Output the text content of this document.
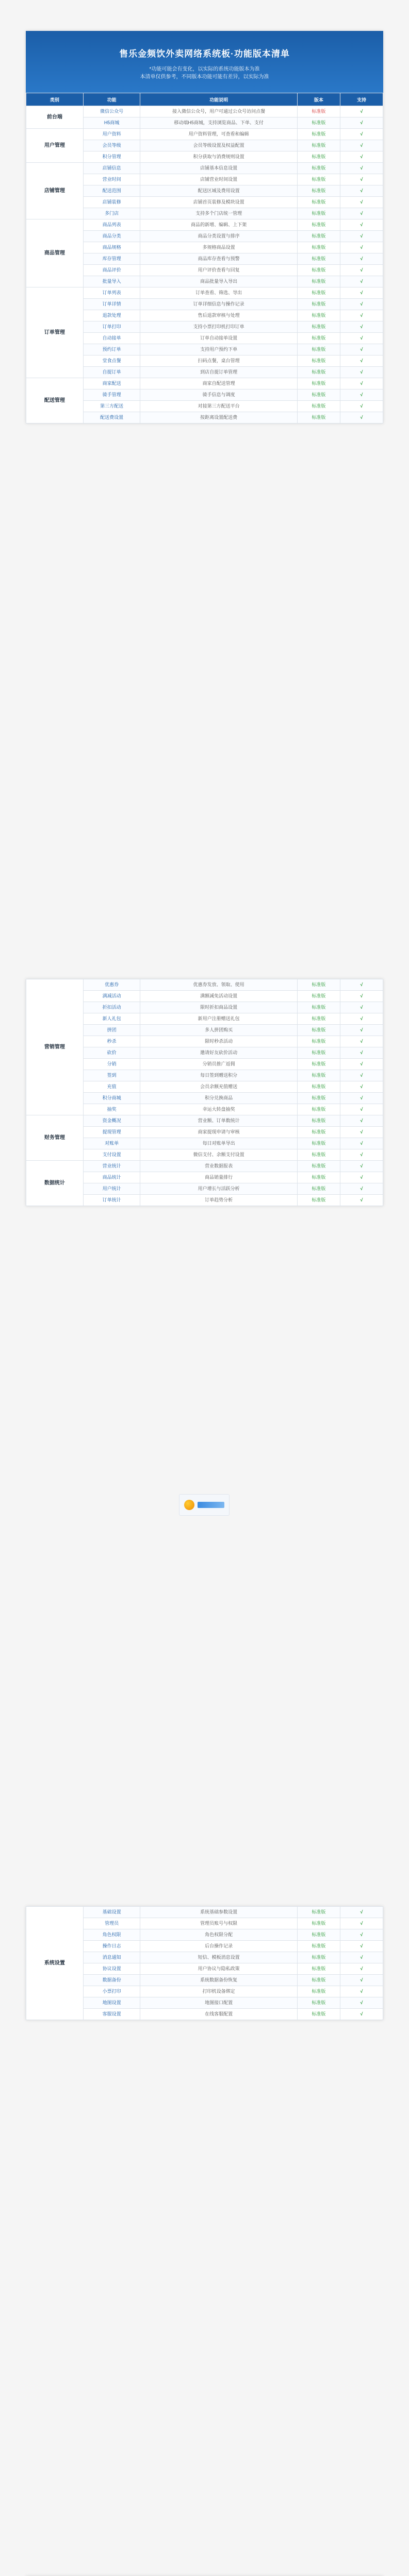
售乐金频饮外卖网络系统板·功能版本清单
*功能可能会有变化，以实际的系统功能版本为准
本清单仅供参考，不同版本功能可能有差异，以实际为准
类别	功能	功能说明	版本	支持
前台端	微信公众号	接入微信公众号，用户可通过公众号访问点餐	标准版	√
	H5商城	移动端H5商城，支持浏览商品、下单、支付	标准版	√
用户管理	用户资料	用户资料管理，可查看和编辑	标准版	√
	会员等级	会员等级设置及权益配置	标准版	√
	积分管理	积分获取与消费规则设置	标准版	√
店铺管理	店铺信息	店铺基本信息设置	标准版	√
	营业时间	店铺营业时间设置	标准版	√
	配送范围	配送区域及费用设置	标准版	√
	店铺装修	店铺首页装修及模块设置	标准版	√
	多门店	支持多个门店统一管理	标准版	√
商品管理	商品列表	商品的新增、编辑、上下架	标准版	√
	商品分类	商品分类设置与排序	标准版	√
	商品规格	多规格商品设置	标准版	√
	库存管理	商品库存查看与预警	标准版	√
	商品评价	用户评价查看与回复	标准版	√
	批量导入	商品批量导入导出	标准版	√
订单管理	订单列表	订单查看、筛选、导出	标准版	√
	订单详情	订单详细信息与操作记录	标准版	√
	退款处理	售后退款审核与处理	标准版	√
	订单打印	支持小票打印机打印订单	标准版	√
	自动接单	订单自动接单设置	标准版	√
	预约订单	支持用户预约下单	标准版	√
	堂食点餐	扫码点餐，桌台管理	标准版	√
	自提订单	到店自提订单管理	标准版	√
配送管理	商家配送	商家自配送管理	标准版	√
	骑手管理	骑手信息与调度	标准版	√
	第三方配送	对接第三方配送平台	标准版	√
	配送费设置	按距离设置配送费	标准版	√
营销管理	优惠券	优惠券发放、领取、使用	标准版	√
	满减活动	满额减免活动设置	标准版	√
	折扣活动	限时折扣商品设置	标准版	√
	新人礼包	新用户注册赠送礼包	标准版	√
	拼团	多人拼团购买	标准版	√
	秒杀	限时秒杀活动	标准版	√
	砍价	邀请好友砍价活动	标准版	√
	分销	分销员推广返佣	标准版	√
	签到	每日签到赠送积分	标准版	√
	充值	会员余额充值赠送	标准版	√
	积分商城	积分兑换商品	标准版	√
	抽奖	幸运大转盘抽奖	标准版	√
财务管理	资金概况	营业额、订单数统计	标准版	√
	提现管理	商家提现申请与审核	标准版	√
	对账单	每日对账单导出	标准版	√
	支付设置	微信支付、余额支付设置	标准版	√
数据统计	营业统计	营业数据报表	标准版	√
	商品统计	商品销量排行	标准版	√
	用户统计	用户增长与活跃分析	标准版	√
	订单统计	订单趋势分析	标准版	√
系统设置	基础设置	系统基础参数设置	标准版	√
	管理员	管理员账号与权限	标准版	√
	角色权限	角色权限分配	标准版	√
	操作日志	后台操作记录	标准版	√
	消息通知	短信、模板消息设置	标准版	√
	协议设置	用户协议与隐私政策	标准版	√
	数据备份	系统数据备份恢复	标准版	√
	小票打印	打印机设备绑定	标准版	√
	地图设置	地图接口配置	标准版	√
	客服设置	在线客服配置	标准版	√
